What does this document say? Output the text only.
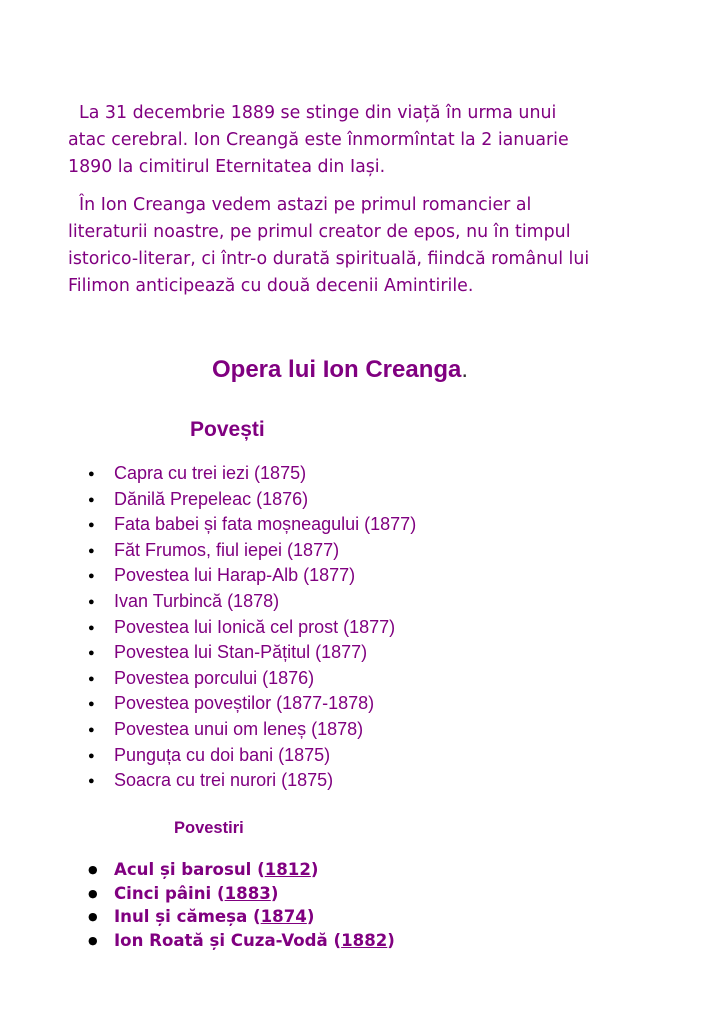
La 31 decembrie 1889 se stinge din viață în urma unui
atac cerebral. Ion Creangă este înmormîntat la 2 ianuarie
1890 la cimitirul Eternitatea din Iași.
În Ion Creanga vedem astazi pe primul romancier al
literaturii noastre, pe primul creator de epos, nu în timpul
istorico-literar, ci într-o durată spirituală, fiindcă românul lui
Filimon anticipează cu două decenii Amintirile.
Opera lui Ion Creanga.
Povești
● Capra cu trei iezi (1875)
● Dănilă Prepeleac (1876)
● Fata babei și fata moșneagului (1877)
● Făt Frumos, fiul iepei (1877)
● Povestea lui Harap-Alb (1877)
● Ivan Turbincă (1878)
● Povestea lui Ionică cel prost (1877)
● Povestea lui Stan-Pățitul (1877)
● Povestea porcului (1876)
● Povestea poveștilor (1877-1878)
● Povestea unui om leneș (1878)
● Punguța cu doi bani (1875)
● Soacra cu trei nurori (1875)
Povestiri
● Acul și barosul (1812)
● Cinci pâini (1883)
● Inul și cămeșa (1874)
● Ion Roată și Cuza-Vodă (1882)
